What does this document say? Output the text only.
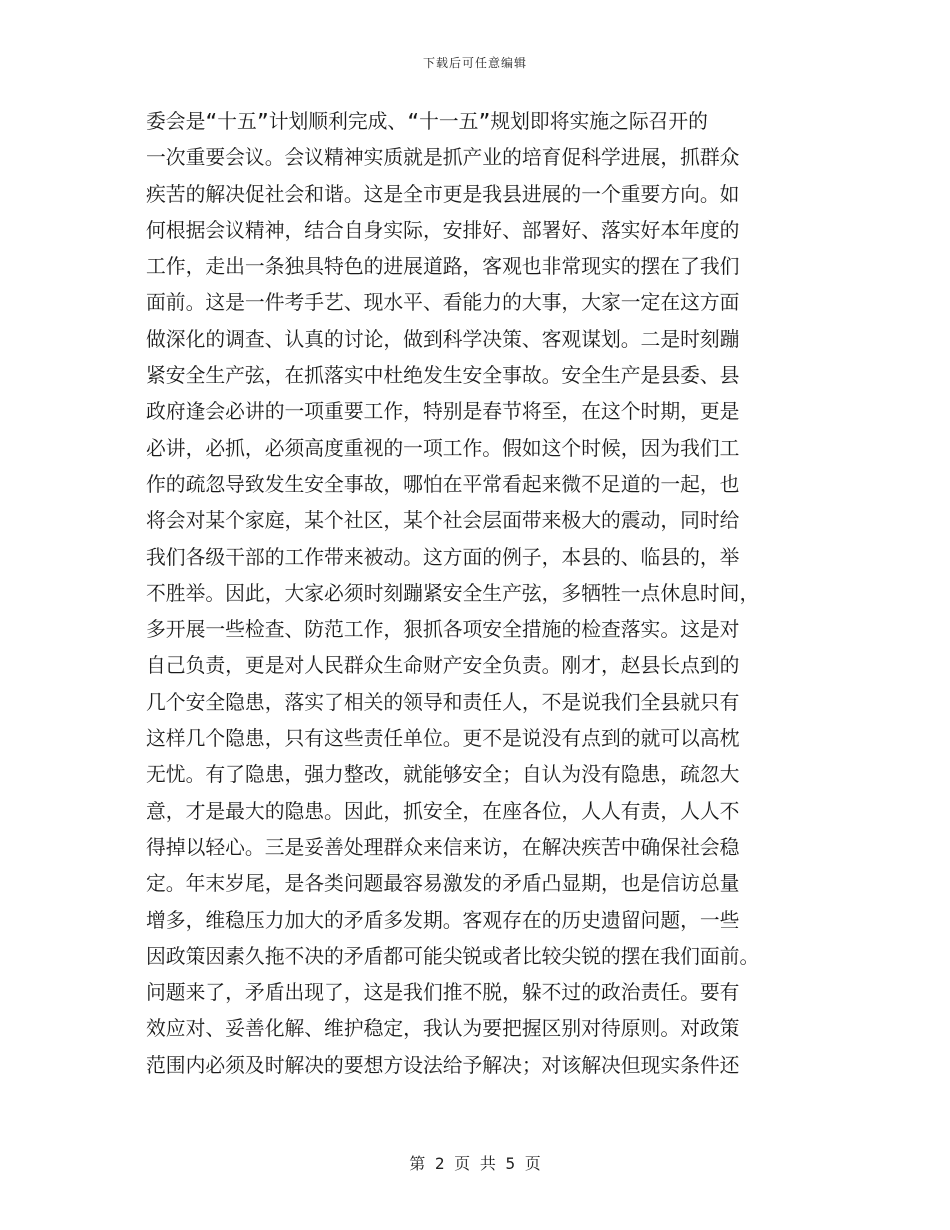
下载后可任意编辑
委会是“十五”计划顺利完成、“十一五”规划即将实施之际召开的
一次重要会议。会议精神实质就是抓产业的培育促科学进展，抓群众
疾苦的解决促社会和谐。这是全市更是我县进展的一个重要方向。如
何根据会议精神，结合自身实际，安排好、部署好、落实好本年度的
工作，走出一条独具特色的进展道路，客观也非常现实的摆在了我们
面前。这是一件考手艺、现水平、看能力的大事，大家一定在这方面
做深化的调查、认真的讨论，做到科学决策、客观谋划。二是时刻蹦
紧安全生产弦，在抓落实中杜绝发生安全事故。安全生产是县委、县
政府逢会必讲的一项重要工作，特别是春节将至，在这个时期，更是
必讲，必抓，必须高度重视的一项工作。假如这个时候，因为我们工
作的疏忽导致发生安全事故，哪怕在平常看起来微不足道的一起，也
将会对某个家庭，某个社区，某个社会层面带来极大的震动，同时给
我们各级干部的工作带来被动。这方面的例子，本县的、临县的，举
不胜举。因此，大家必须时刻蹦紧安全生产弦，多牺牲一点休息时间，
多开展一些检查、防范工作，狠抓各项安全措施的检查落实。这是对
自己负责，更是对人民群众生命财产安全负责。刚才，赵县长点到的
几个安全隐患，落实了相关的领导和责任人，不是说我们全县就只有
这样几个隐患，只有这些责任单位。更不是说没有点到的就可以高枕
无忧。有了隐患，强力整改，就能够安全；自认为没有隐患，疏忽大
意，才是最大的隐患。因此，抓安全，在座各位，人人有责，人人不
得掉以轻心。三是妥善处理群众来信来访，在解决疾苦中确保社会稳
定。年末岁尾，是各类问题最容易激发的矛盾凸显期，也是信访总量
增多，维稳压力加大的矛盾多发期。客观存在的历史遗留问题，一些
因政策因素久拖不决的矛盾都可能尖锐或者比较尖锐的摆在我们面前。
问题来了，矛盾出现了，这是我们推不脱，躲不过的政治责任。要有
效应对、妥善化解、维护稳定，我认为要把握区别对待原则。对政策
范围内必须及时解决的要想方设法给予解决；对该解决但现实条件还
第 2 页 共 5 页
